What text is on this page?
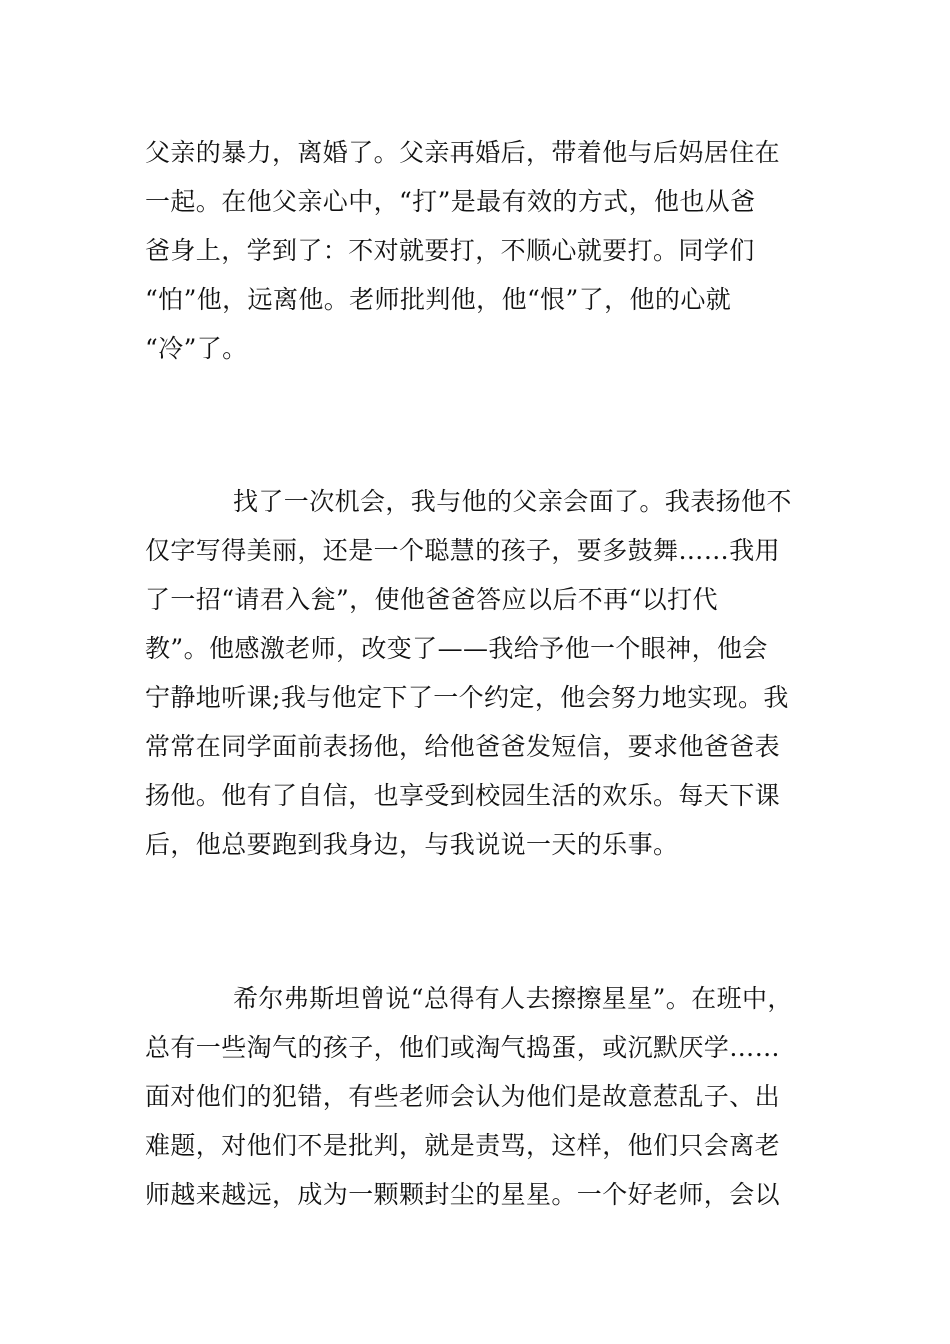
父亲的暴力，离婚了。父亲再婚后，带着他与后妈居住在
一起。在他父亲心中，“打”是最有效的方式，他也从爸
爸身上，学到了：不对就要打，不顺心就要打。同学们
“怕”他，远离他。老师批判他，他“恨”了，他的心就
“冷”了。
找了一次机会，我与他的父亲会面了。我表扬他不
仅字写得美丽，还是一个聪慧的孩子，要多鼓舞……我用
了一招“请君入瓮”，使他爸爸答应以后不再“以打代
教”。他感激老师，改变了——我给予他一个眼神，他会
宁静地听课;我与他定下了一个约定，他会努力地实现。我
常常在同学面前表扬他，给他爸爸发短信，要求他爸爸表
扬他。他有了自信，也享受到校园生活的欢乐。每天下课
后，他总要跑到我身边，与我说说一天的乐事。
希尔弗斯坦曾说“总得有人去擦擦星星”。在班中，
总有一些淘气的孩子，他们或淘气捣蛋，或沉默厌学……
面对他们的犯错，有些老师会认为他们是故意惹乱子、出
难题，对他们不是批判，就是责骂，这样，他们只会离老
师越来越远，成为一颗颗封尘的星星。一个好老师，会以
